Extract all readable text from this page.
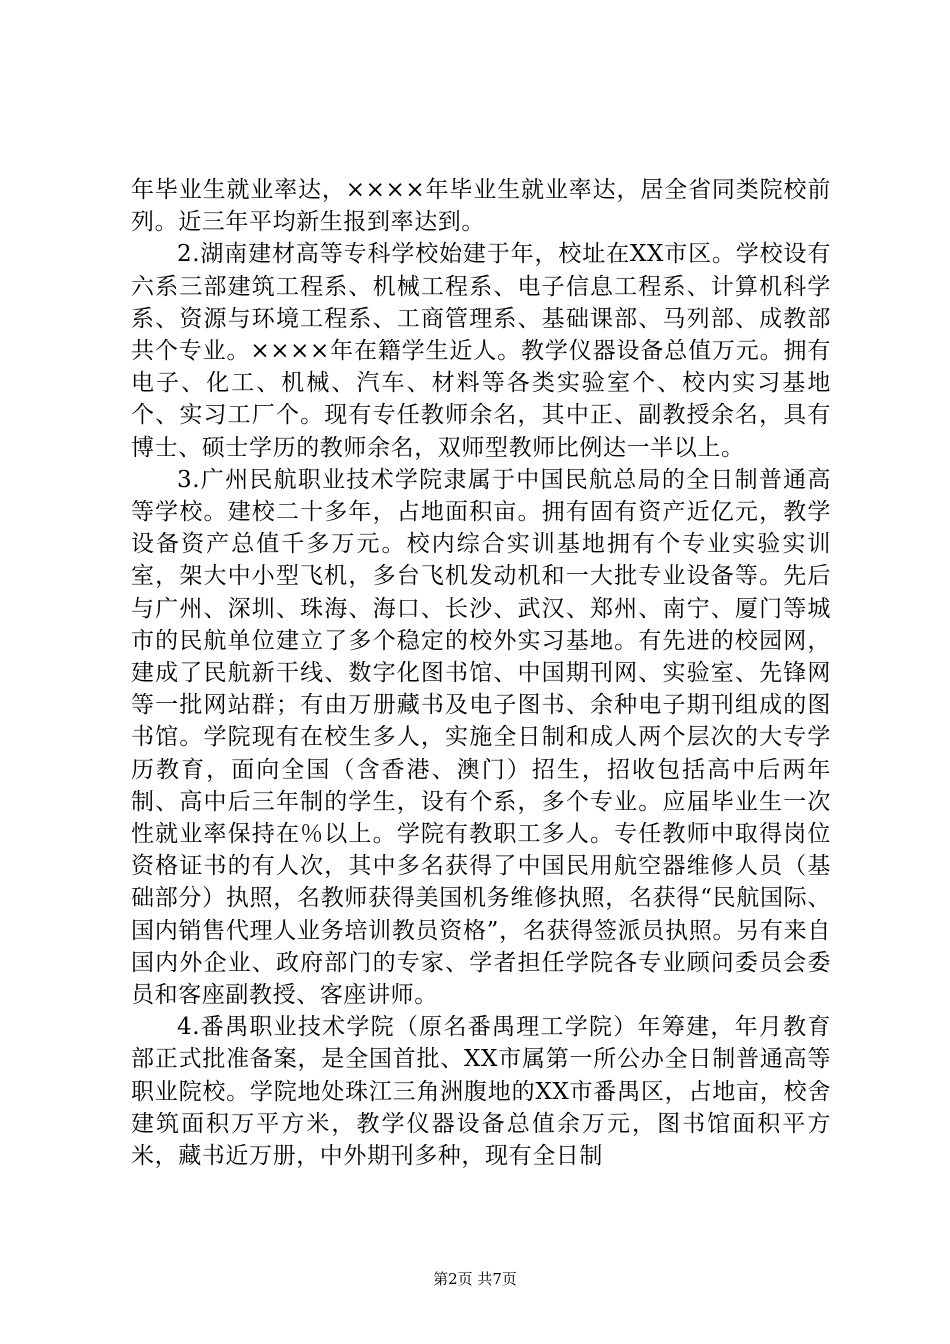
年毕业生就业率达，××××年毕业生就业率达，居全省同类院校前列。近三年平均新生报到率达到。

2.湖南建材高等专科学校始建于年，校址在XX市区。学校设有六系三部建筑工程系、机械工程系、电子信息工程系、计算机科学系、资源与环境工程系、工商管理系、基础课部、马列部、成教部共个专业。××××年在籍学生近人。教学仪器设备总值万元。拥有电子、化工、机械、汽车、材料等各类实验室个、校内实习基地个、实习工厂个。现有专任教师余名，其中正、副教授余名，具有博士、硕士学历的教师余名，双师型教师比例达一半以上。

3.广州民航职业技术学院隶属于中国民航总局的全日制普通高等学校。建校二十多年，占地面积亩。拥有固有资产近亿元，教学设备资产总值千多万元。校内综合实训基地拥有个专业实验实训室，架大中小型飞机，多台飞机发动机和一大批专业设备等。先后与广州、深圳、珠海、海口、长沙、武汉、郑州、南宁、厦门等城市的民航单位建立了多个稳定的校外实习基地。有先进的校园网，建成了民航新干线、数字化图书馆、中国期刊网、实验室、先锋网等一批网站群；有由万册藏书及电子图书、余种电子期刊组成的图书馆。学院现有在校生多人，实施全日制和成人两个层次的大专学历教育，面向全国（含香港、澳门）招生，招收包括高中后两年制、高中后三年制的学生，设有个系，多个专业。应届毕业生一次性就业率保持在％以上。学院有教职工多人。专任教师中取得岗位资格证书的有人次，其中多名获得了中国民用航空器维修人员（基础部分）执照，名教师获得美国机务维修执照，名获得“民航国际、国内销售代理人业务培训教员资格”，名获得签派员执照。另有来自国内外企业、政府部门的专家、学者担任学院各专业顾问委员会委员和客座副教授、客座讲师。

4.番禺职业技术学院（原名番禺理工学院）年筹建，年月教育部正式批准备案，是全国首批、XX市属第一所公办全日制普通高等职业院校。学院地处珠江三角洲腹地的XX市番禺区，占地亩，校舍建筑面积万平方米，教学仪器设备总值余万元，图书馆面积平方米，藏书近万册，中外期刊多种，现有全日制

第2页 共7页
